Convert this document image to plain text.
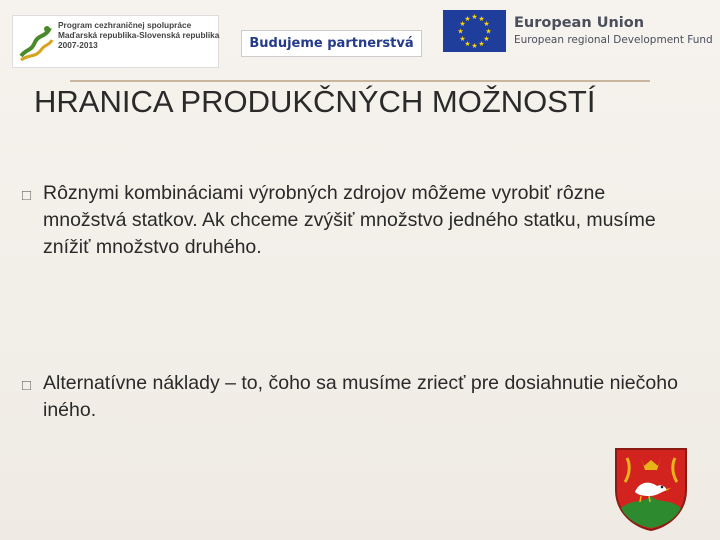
Program cezhraničnej spolupráce
Maďarská republika-Slovenská republika
2007-2013	Budujeme partnerstvá
★ ★
★
★
★
★
★
★
★
★
★
★	European Union
European regional Development Fund
HRANICA PRODUKČNÝCH MOŽNOSTÍ
□ Rôznymi kombináciami výrobných zdrojov môžeme vyrobiť rôzne množstvá statkov. Ak chceme zvýšiť množstvo jedného statku, musíme znížiť množstvo druhého.
□ Alternatívne náklady – to, čoho sa musíme zriecť pre dosiahnutie niečoho iného.
